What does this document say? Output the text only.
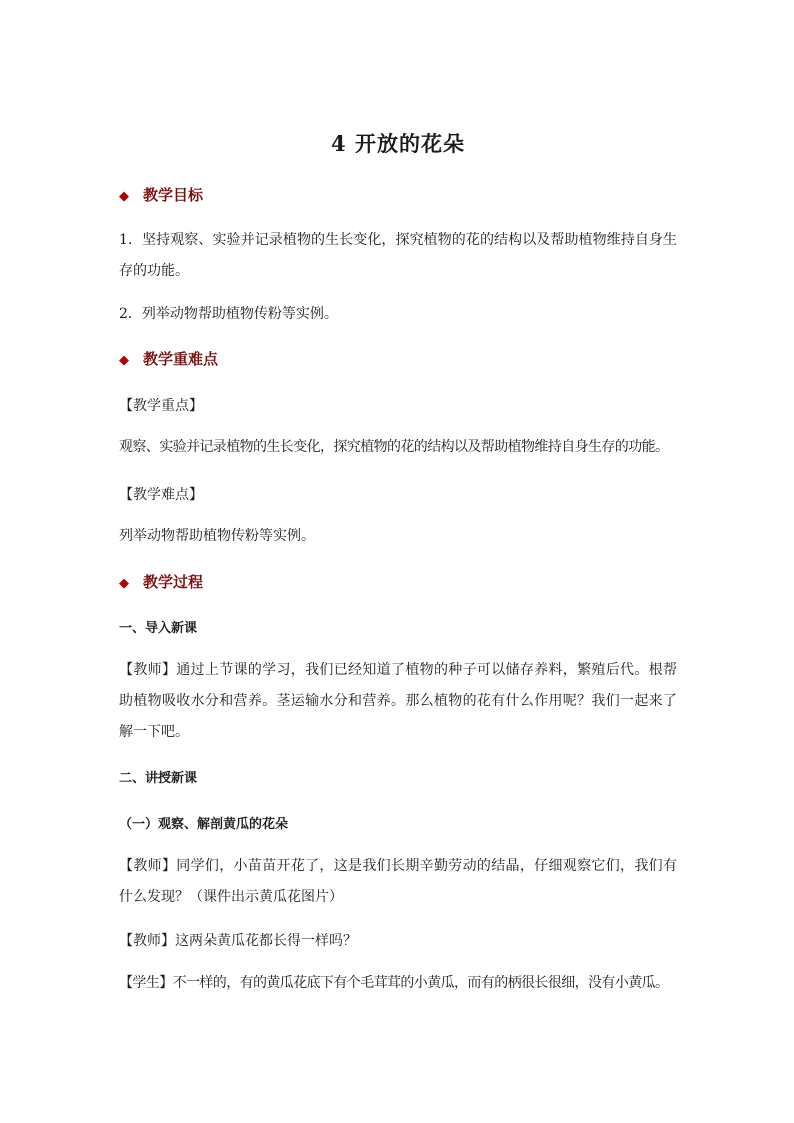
4 开放的花朵
◆ 教学目标
1．坚持观察、实验并记录植物的生长变化，探究植物的花的结构以及帮助植物维持自身生存的功能。
2．列举动物帮助植物传粉等实例。
◆ 教学重难点
【教学重点】
观察、实验并记录植物的生长变化，探究植物的花的结构以及帮助植物维持自身生存的功能。
【教学难点】
列举动物帮助植物传粉等实例。
◆ 教学过程
一、导入新课
【教师】通过上节课的学习，我们已经知道了植物的种子可以储存养料，繁殖后代。根帮助植物吸收水分和营养。茎运输水分和营养。那么植物的花有什么作用呢？我们一起来了解一下吧。
二、讲授新课
（一）观察、解剖黄瓜的花朵
【教师】同学们，小苗苗开花了，这是我们长期辛勤劳动的结晶，仔细观察它们，我们有什么发现？（课件出示黄瓜花图片）
【教师】这两朵黄瓜花都长得一样吗？
【学生】不一样的，有的黄瓜花底下有个毛茸茸的小黄瓜，而有的柄很长很细，没有小黄瓜。
